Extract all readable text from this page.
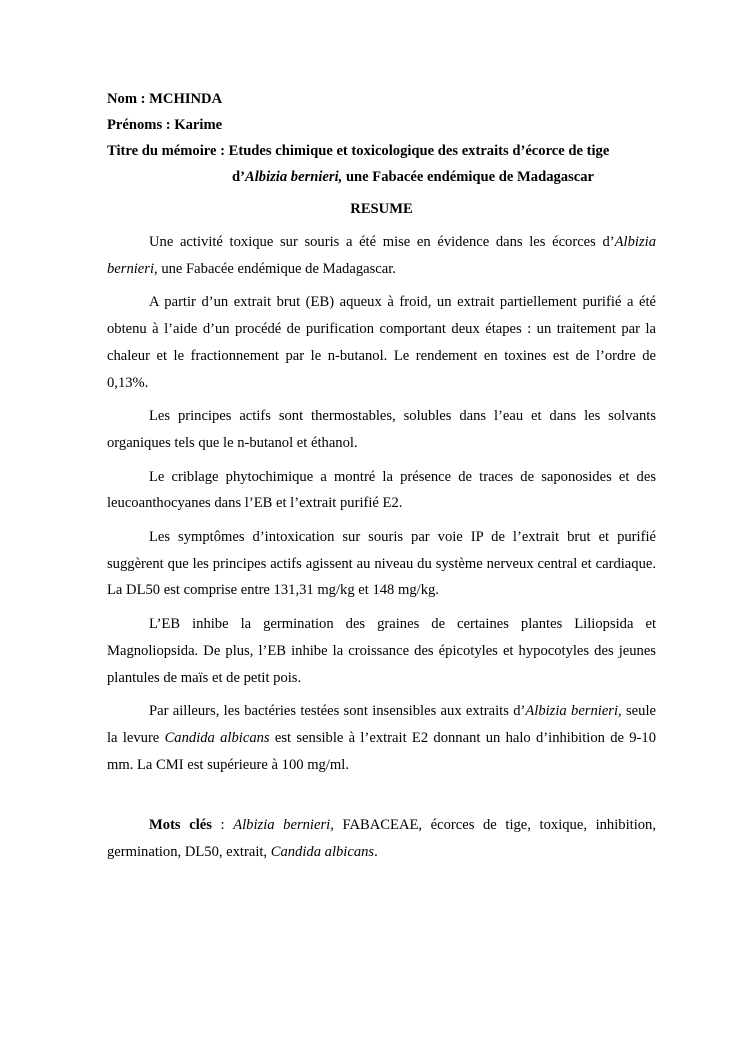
Nom : MCHINDA

Prénoms : Karime

Titre du mémoire : Etudes chimique et toxicologique des extraits d’écorce de tige

d’Albizia bernieri, une Fabacée endémique de Madagascar

RESUME

Une activité toxique sur souris a été mise en évidence dans les écorces d’Albizia bernieri, une Fabacée endémique de Madagascar.

A partir d’un extrait brut (EB) aqueux à froid, un extrait partiellement purifié a été obtenu à l’aide d’un procédé de purification comportant deux étapes : un traitement par la chaleur et le fractionnement par le n-butanol. Le rendement en toxines est de l’ordre de 0,13%.

Les principes actifs sont thermostables, solubles dans l’eau et dans les solvants organiques tels que le n-butanol et éthanol.

Le criblage phytochimique a montré la présence de traces de saponosides et des leucoanthocyanes dans l’EB et l’extrait purifié E2.

Les symptômes d’intoxication sur souris par voie IP de l’extrait brut et purifié suggèrent que les principes actifs agissent au niveau du système nerveux central et cardiaque. La DL50 est comprise entre 131,31 mg/kg et 148 mg/kg.

L’EB inhibe la germination des graines de certaines plantes Liliopsida et Magnoliopsida. De plus, l’EB inhibe la croissance des épicotyles et hypocotyles des jeunes plantules de maïs et de petit pois.

Par ailleurs, les bactéries testées sont insensibles aux extraits d’Albizia bernieri, seule la levure Candida albicans est sensible à l’extrait E2 donnant un halo d’inhibition de 9-10 mm. La CMI est supérieure à 100 mg/ml.

Mots clés : Albizia bernieri, FABACEAE, écorces de tige, toxique, inhibition, germination, DL50, extrait, Candida albicans.
